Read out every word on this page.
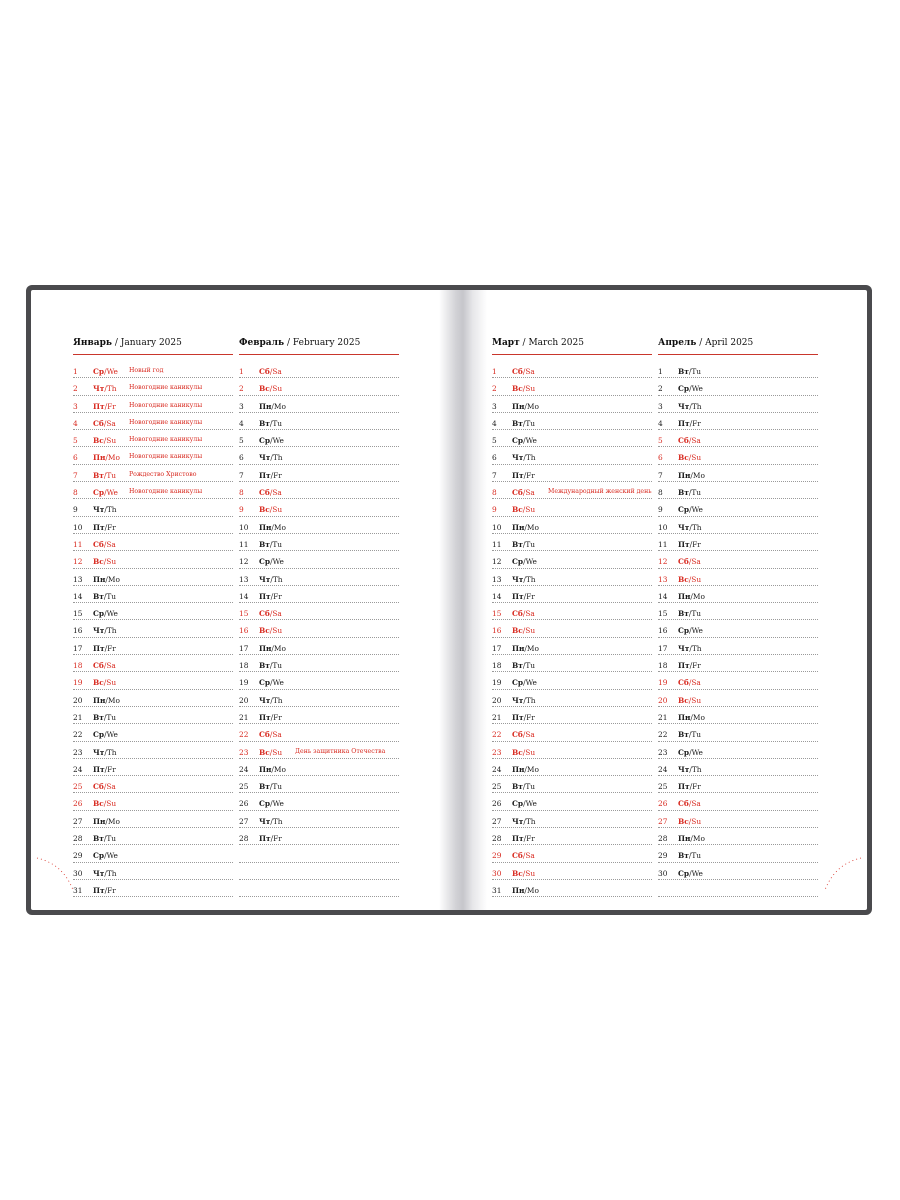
Январь / January 2025
1	Ср/We Новый год
2	Чт/Th Новогодние каникулы
3	Пт/Fr Новогодние каникулы
4	Сб/Sa Новогодние каникулы
5	Вс/Su Новогодние каникулы
6	Пн/Mo Новогодние каникулы
7	Вт/Tu Рождество Христово
8	Ср/We Новогодние каникулы
9	Чт/Th
10	Пт/Fr
11	Сб/Sa
12	Вс/Su
13	Пн/Mo
14	Вт/Tu
15	Ср/We
16	Чт/Th
17	Пт/Fr
18	Сб/Sa
19	Вс/Su
20	Пн/Mo
21	Вт/Tu
22	Ср/We
23	Чт/Th
24	Пт/Fr
25	Сб/Sa
26	Вс/Su
27	Пн/Mo
28	Вт/Tu
29	Ср/We
30	Чт/Th
31	Пт/Fr
Февраль / February 2025
1	Сб/Sa
2	Вс/Su
3	Пн/Mo
4	Вт/Tu
5	Ср/We
6	Чт/Th
7	Пт/Fr
8	Сб/Sa
9	Вс/Su
10	Пн/Mo
11	Вт/Tu
12	Ср/We
13	Чт/Th
14	Пт/Fr
15	Сб/Sa
16	Вс/Su
17	Пн/Mo
18	Вт/Tu
19	Ср/We
20	Чт/Th
21	Пт/Fr
22	Сб/Sa
23	Вс/Su День защитника Отечества
24	Пн/Mo
25	Вт/Tu
26	Ср/We
27	Чт/Th
28	Пт/Fr
Март / March 2025
1	Сб/Sa
2	Вс/Su
3	Пн/Mo
4	Вт/Tu
5	Ср/We
6	Чт/Th
7	Пт/Fr
8	Сб/Sa Международный женский день
9	Вс/Su
10	Пн/Mo
11	Вт/Tu
12	Ср/We
13	Чт/Th
14	Пт/Fr
15	Сб/Sa
16	Вс/Su
17	Пн/Mo
18	Вт/Tu
19	Ср/We
20	Чт/Th
21	Пт/Fr
22	Сб/Sa
23	Вс/Su
24	Пн/Mo
25	Вт/Tu
26	Ср/We
27	Чт/Th
28	Пт/Fr
29	Сб/Sa
30	Вс/Su
31	Пн/Mo
Апрель / April 2025
1	Вт/Tu
2	Ср/We
3	Чт/Th
4	Пт/Fr
5	Сб/Sa
6	Вс/Su
7	Пн/Mo
8	Вт/Tu
9	Ср/We
10	Чт/Th
11	Пт/Fr
12	Сб/Sa
13	Вс/Su
14	Пн/Mo
15	Вт/Tu
16	Ср/We
17	Чт/Th
18	Пт/Fr
19	Сб/Sa
20	Вс/Su
21	Пн/Mo
22	Вт/Tu
23	Ср/We
24	Чт/Th
25	Пт/Fr
26	Сб/Sa
27	Вс/Su
28	Пн/Mo
29	Вт/Tu
30	Ср/We
